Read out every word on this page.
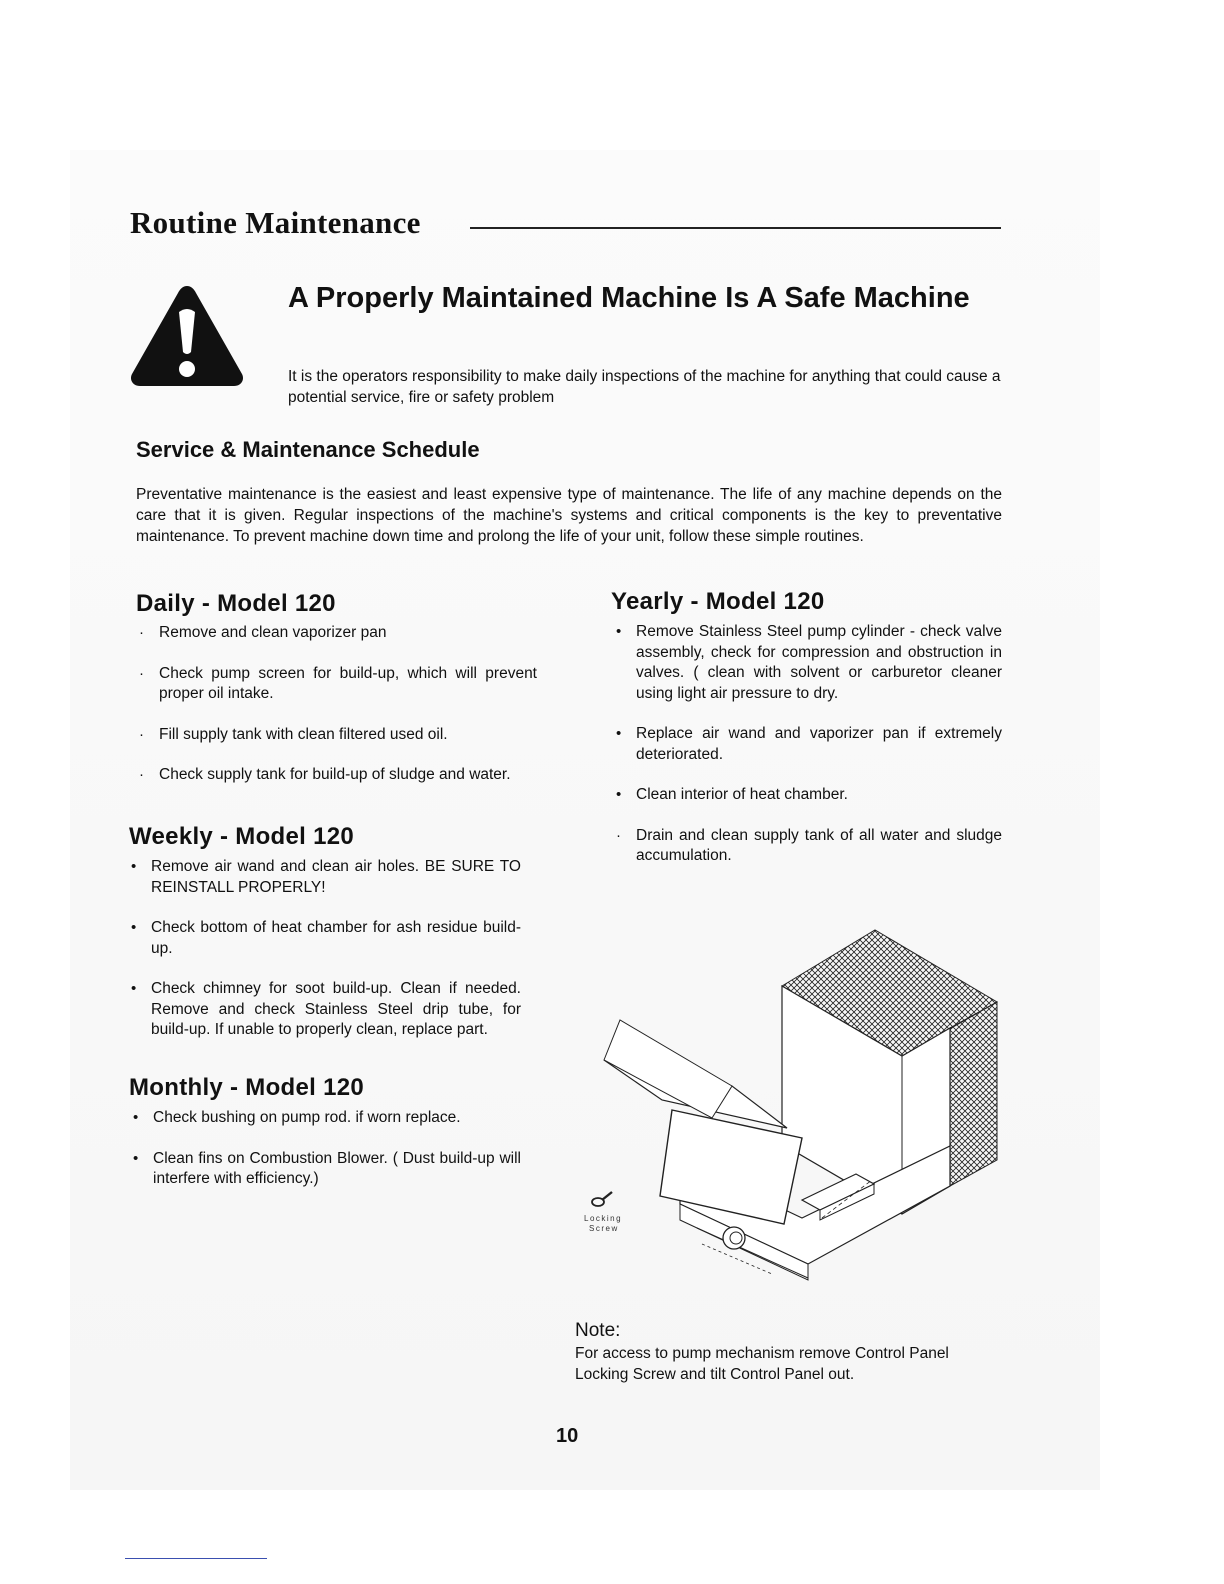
Routine Maintenance
A Properly Maintained Machine Is A Safe Machine
It is the operators responsibility to make daily inspections of the machine for anything that could cause a potential service, fire or safety problem
Service & Maintenance Schedule
Preventative maintenance is the easiest and least expensive type of maintenance. The life of any machine depends on the care that it is given. Regular inspections of the machine's systems and critical components is the key to preventative maintenance. To prevent machine down time and prolong the life of your unit, follow these simple routines.
Daily - Model 120
· Remove and clean vaporizer pan
· Check pump screen for build-up, which will prevent proper oil intake.
· Fill supply tank with clean filtered used oil.
· Check supply tank for build-up of sludge and water.
Weekly - Model 120
• Remove air wand and clean air holes. BE SURE TO REINSTALL PROPERLY!
• Check bottom of heat chamber for ash residue build-up.
• Check chimney for soot build-up. Clean if needed. Remove and check Stainless Steel drip tube, for build-up. If unable to properly clean, replace part.
Monthly - Model 120
• Check bushing on pump rod. if worn replace.
• Clean fins on Combustion Blower. ( Dust build-up will interfere with efficiency.)
Yearly - Model 120
• Remove Stainless Steel pump cylinder - check valve assembly, check for compression and obstruction in valves. ( clean with solvent or carburetor cleaner using light air pressure to dry.
• Replace air wand and vaporizer pan if extremely deteriorated.
• Clean interior of heat chamber.
· Drain and clean supply tank of all water and sludge accumulation.
Locking
Screw
Note:
For access to pump mechanism remove Control Panel Locking Screw and tilt Control Panel out.
10
